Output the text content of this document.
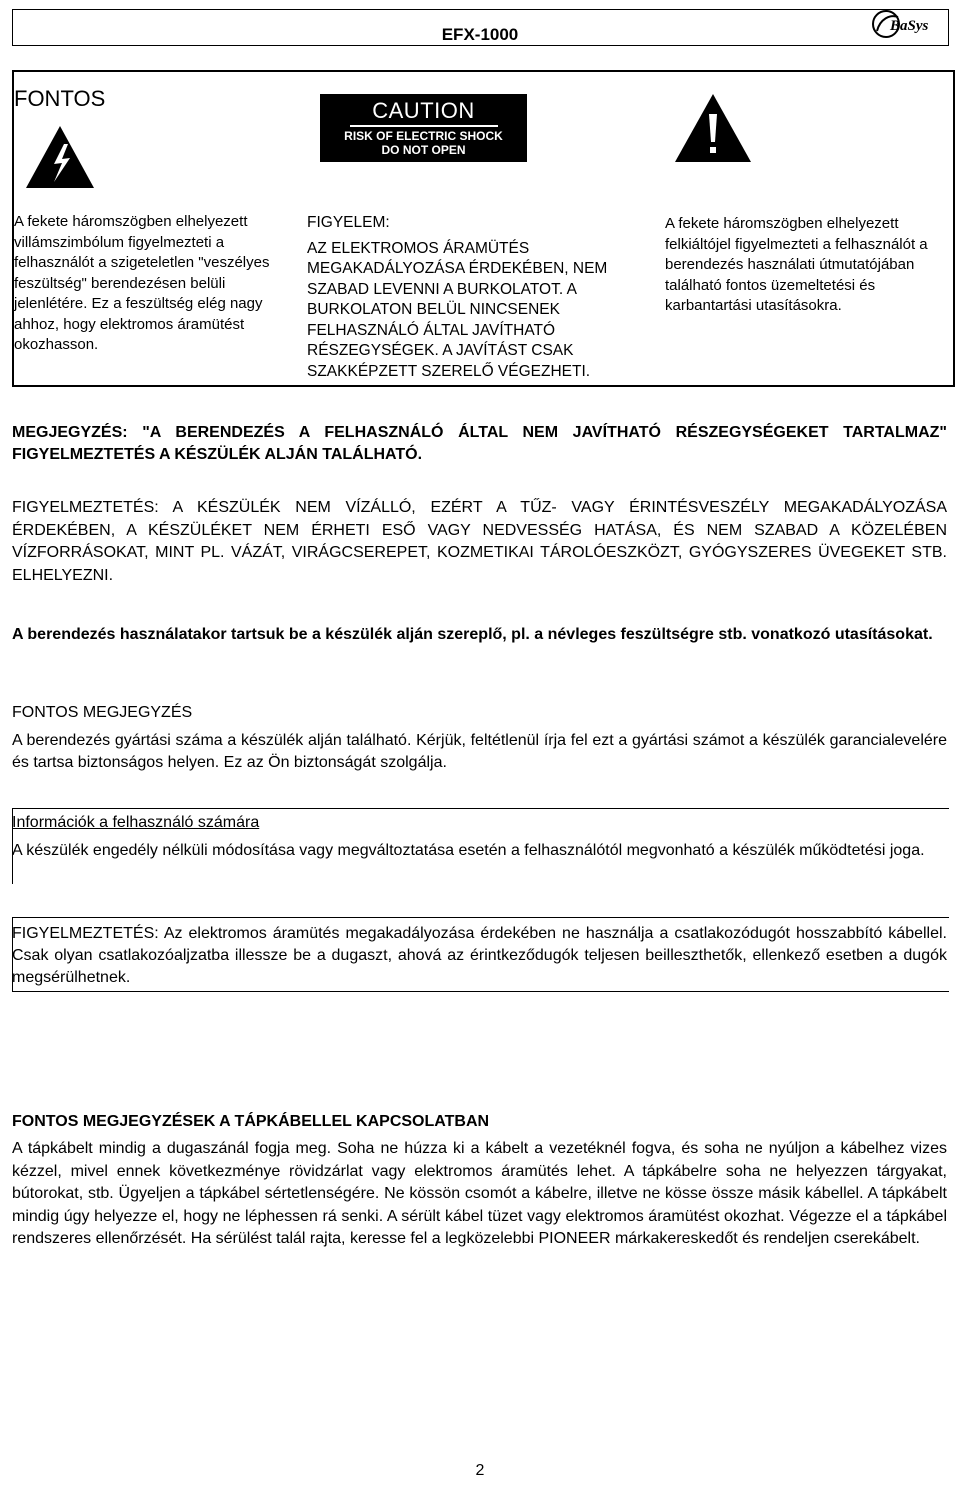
EFX-1000	BaSys
FONTOS	CAUTION
RISK OF ELECTRIC SHOCK
DO NOT OPEN
A fekete háromszögben elhelyezett villámszimbólum figyelmezteti a felhasználót a szigeteletlen "veszélyes feszültség" berendezésen belüli jelenlétére. Ez a feszültség elég nagy ahhoz, hogy elektromos áramütést okozhasson.

FIGYELEM:

AZ ELEKTROMOS ÁRAMÜTÉS MEGAKADÁLYOZÁSA ÉRDEKÉBEN, NEM SZABAD LEVENNI A BURKOLATOT. A BURKOLATON BELÜL NINCSENEK FELHASZNÁLÓ ÁLTAL JAVÍTHATÓ RÉSZEGYSÉGEK. A JAVÍTÁST CSAK SZAKKÉPZETT SZERELŐ VÉGEZHETI.

A fekete háromszögben elhelyezett felkiáltójel figyelmezteti a felhasználót a berendezés használati útmutatójában található fontos üzemeltetési és karbantartási utasításokra.
MEGJEGYZÉS: "A BERENDEZÉS A FELHASZNÁLÓ ÁLTAL NEM JAVÍTHATÓ RÉSZEGYSÉGEKET TARTALMAZ" FIGYELMEZTETÉS A KÉSZÜLÉK ALJÁN TALÁLHATÓ.
FIGYELMEZTETÉS: A KÉSZÜLÉK NEM VÍZÁLLÓ, EZÉRT A TŰZ- VAGY ÉRINTÉSVESZÉLY MEGAKADÁLYOZÁSA ÉRDEKÉBEN, A KÉSZÜLÉKET NEM ÉRHETI ESŐ VAGY NEDVESSÉG HATÁSA, ÉS NEM SZABAD A KÖZELÉBEN VÍZFORRÁSOKAT, MINT PL. VÁZÁT, VIRÁGCSEREPET, KOZMETIKAI TÁROLÓESZKÖZT, GYÓGYSZERES ÜVEGEKET STB. ELHELYEZNI.
A berendezés használatakor tartsuk be a készülék alján szereplő, pl. a névleges feszültségre stb. vonatkozó utasításokat.
FONTOS MEGJEGYZÉS
A berendezés gyártási száma a készülék alján található. Kérjük, feltétlenül írja fel ezt a gyártási számot a készülék garancialevelére és tartsa biztonságos helyen. Ez az Ön biztonságát szolgálja.
Információk a felhasználó számára
A készülék engedély nélküli módosítása vagy megváltoztatása esetén a felhasználótól megvonható a készülék működtetési joga.
FIGYELMEZTETÉS: Az elektromos áramütés megakadályozása érdekében ne használja a csatlakozódugót hosszabbító kábellel. Csak olyan csatlakozóaljzatba illessze be a dugaszt, ahová az érintkeződugók teljesen beilleszthetők, ellenkező esetben a dugók megsérülhetnek.
FONTOS MEGJEGYZÉSEK A TÁPKÁBELLEL KAPCSOLATBAN
A tápkábelt mindig a dugaszánál fogja meg. Soha ne húzza ki a kábelt a vezetéknél fogva, és soha ne nyúljon a kábelhez vizes kézzel, mivel ennek következménye rövidzárlat vagy elektromos áramütés lehet. A tápkábelre soha ne helyezzen tárgyakat, bútorokat, stb. Ügyeljen a tápkábel sértetlenségére. Ne kössön csomót a kábelre, illetve ne kösse össze másik kábellel. A tápkábelt mindig úgy helyezze el, hogy ne léphessen rá senki. A sérült kábel tüzet vagy elektromos áramütést okozhat. Végezze el a tápkábel rendszeres ellenőrzését. Ha sérülést talál rajta, keresse fel a legközelebbi PIONEER márkakereskedőt és rendeljen cserekábelt.
2
